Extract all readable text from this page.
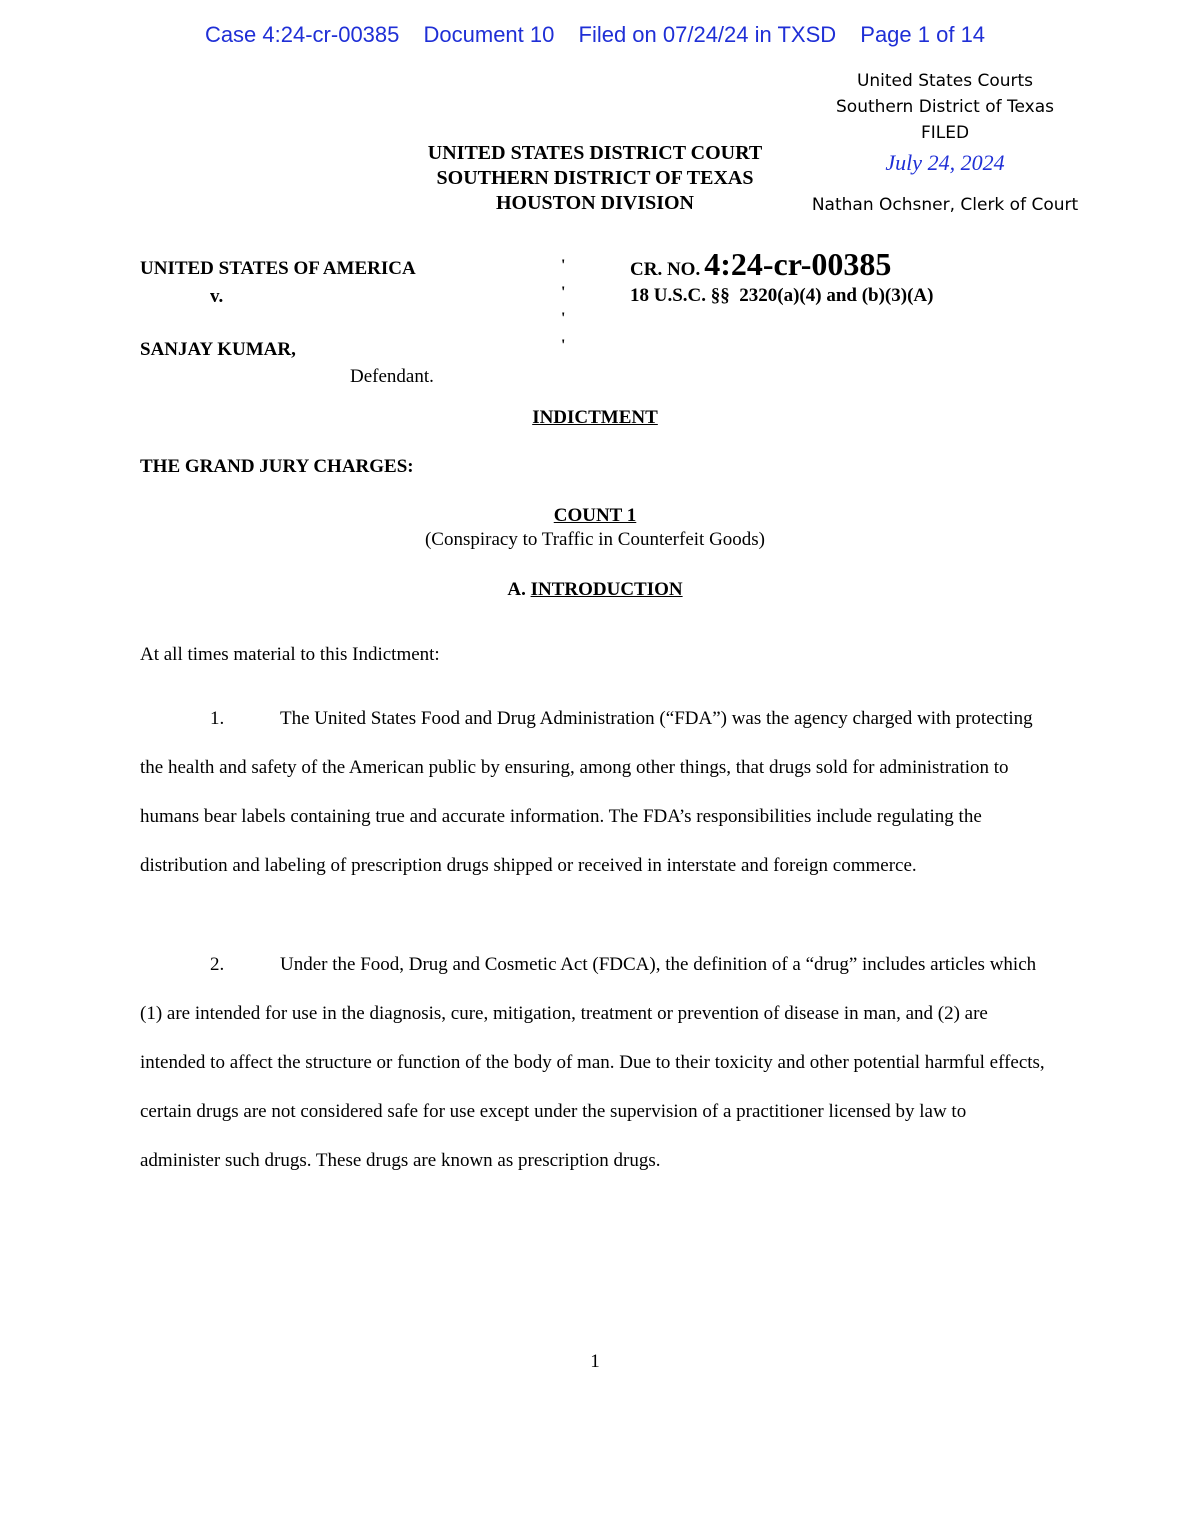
Case 4:24-cr-00385 Document 10 Filed on 07/24/24 in TXSD Page 1 of 14
United States Courts
Southern District of Texas
FILED
July 24, 2024
Nathan Ochsner, Clerk of Court
UNITED STATES DISTRICT COURT
SOUTHERN DISTRICT OF TEXAS
HOUSTON DIVISION
UNITED STATES OF AMERICA
v.
SANJAY KUMAR,
Defendant.
'
'
'
'
CR. NO. 4:24-cr-00385
18 U.S.C. §§  2320(a)(4) and (b)(3)(A)
INDICTMENT
THE GRAND JURY CHARGES:
COUNT 1
(Conspiracy to Traffic in Counterfeit Goods)
A. INTRODUCTION
At all times material to this Indictment:
1.	The United States Food and Drug Administration (“FDA”) was the agency charged with protecting the health and safety of the American public by ensuring, among other things, that drugs sold for administration to humans bear labels containing true and accurate information. The FDA’s responsibilities include regulating the distribution and labeling of prescription drugs shipped or received in interstate and foreign commerce.
2.	Under the Food, Drug and Cosmetic Act (FDCA), the definition of a “drug” includes articles which (1) are intended for use in the diagnosis, cure, mitigation, treatment or prevention of disease in man, and (2) are intended to affect the structure or function of the body of man. Due to their toxicity and other potential harmful effects, certain drugs are not considered safe for use except under the supervision of a practitioner licensed by law to administer such drugs. These drugs are known as prescription drugs.
1
